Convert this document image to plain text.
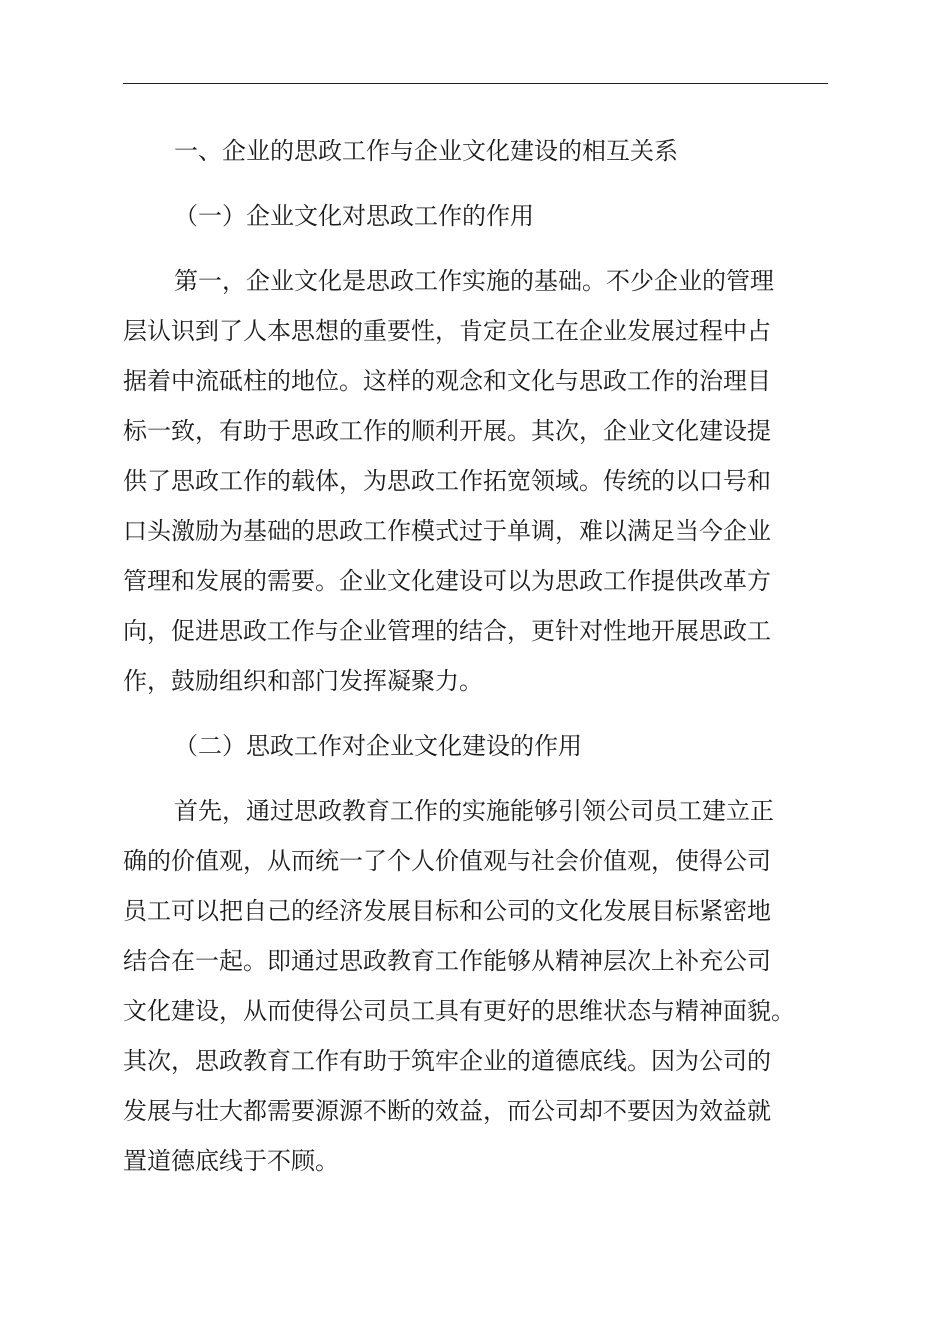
一、企业的思政工作与企业文化建设的相互关系
（一）企业文化对思政工作的作用
第一，企业文化是思政工作实施的基础。不少企业的管理
层认识到了人本思想的重要性，肯定员工在企业发展过程中占
据着中流砥柱的地位。这样的观念和文化与思政工作的治理目
标一致，有助于思政工作的顺利开展。其次，企业文化建设提
供了思政工作的载体，为思政工作拓宽领域。传统的以口号和
口头激励为基础的思政工作模式过于单调，难以满足当今企业
管理和发展的需要。企业文化建设可以为思政工作提供改革方
向，促进思政工作与企业管理的结合，更针对性地开展思政工
作，鼓励组织和部门发挥凝聚力。
（二）思政工作对企业文化建设的作用
首先，通过思政教育工作的实施能够引领公司员工建立正
确的价值观，从而统一了个人价值观与社会价值观，使得公司
员工可以把自己的经济发展目标和公司的文化发展目标紧密地
结合在一起。即通过思政教育工作能够从精神层次上补充公司
文化建设，从而使得公司员工具有更好的思维状态与精神面貌。
其次，思政教育工作有助于筑牢企业的道德底线。因为公司的
发展与壮大都需要源源不断的效益，而公司却不要因为效益就
置道德底线于不顾。
